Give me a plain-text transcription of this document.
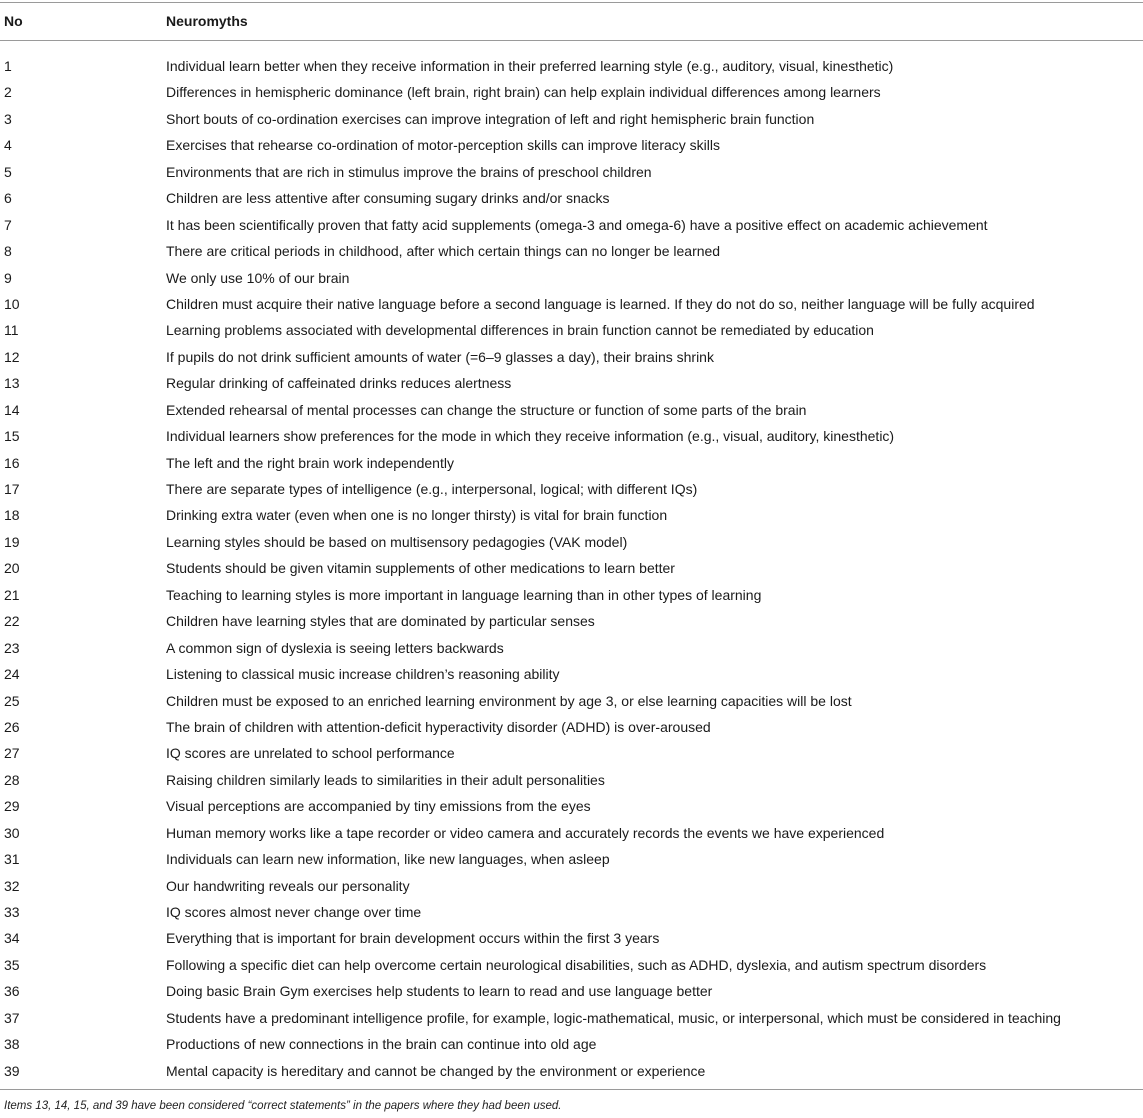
No	Neuromyths
1	Individual learn better when they receive information in their preferred learning style (e.g., auditory, visual, kinesthetic)
2	Differences in hemispheric dominance (left brain, right brain) can help explain individual differences among learners
3	Short bouts of co-ordination exercises can improve integration of left and right hemispheric brain function
4	Exercises that rehearse co-ordination of motor-perception skills can improve literacy skills
5	Environments that are rich in stimulus improve the brains of preschool children
6	Children are less attentive after consuming sugary drinks and/or snacks
7	It has been scientifically proven that fatty acid supplements (omega-3 and omega-6) have a positive effect on academic achievement
8	There are critical periods in childhood, after which certain things can no longer be learned
9	We only use 10% of our brain
10	Children must acquire their native language before a second language is learned. If they do not do so, neither language will be fully acquired
11	Learning problems associated with developmental differences in brain function cannot be remediated by education
12	If pupils do not drink sufficient amounts of water (=6–9 glasses a day), their brains shrink
13	Regular drinking of caffeinated drinks reduces alertness
14	Extended rehearsal of mental processes can change the structure or function of some parts of the brain
15	Individual learners show preferences for the mode in which they receive information (e.g., visual, auditory, kinesthetic)
16	The left and the right brain work independently
17	There are separate types of intelligence (e.g., interpersonal, logical; with different IQs)
18	Drinking extra water (even when one is no longer thirsty) is vital for brain function
19	Learning styles should be based on multisensory pedagogies (VAK model)
20	Students should be given vitamin supplements of other medications to learn better
21	Teaching to learning styles is more important in language learning than in other types of learning
22	Children have learning styles that are dominated by particular senses
23	A common sign of dyslexia is seeing letters backwards
24	Listening to classical music increase children’s reasoning ability
25	Children must be exposed to an enriched learning environment by age 3, or else learning capacities will be lost
26	The brain of children with attention-deficit hyperactivity disorder (ADHD) is over-aroused
27	IQ scores are unrelated to school performance
28	Raising children similarly leads to similarities in their adult personalities
29	Visual perceptions are accompanied by tiny emissions from the eyes
30	Human memory works like a tape recorder or video camera and accurately records the events we have experienced
31	Individuals can learn new information, like new languages, when asleep
32	Our handwriting reveals our personality
33	IQ scores almost never change over time
34	Everything that is important for brain development occurs within the first 3 years
35	Following a specific diet can help overcome certain neurological disabilities, such as ADHD, dyslexia, and autism spectrum disorders
36	Doing basic Brain Gym exercises help students to learn to read and use language better
37	Students have a predominant intelligence profile, for example, logic-mathematical, music, or interpersonal, which must be considered in teaching
38	Productions of new connections in the brain can continue into old age
39	Mental capacity is hereditary and cannot be changed by the environment or experience
Items 13, 14, 15, and 39 have been considered “correct statements” in the papers where they had been used.
